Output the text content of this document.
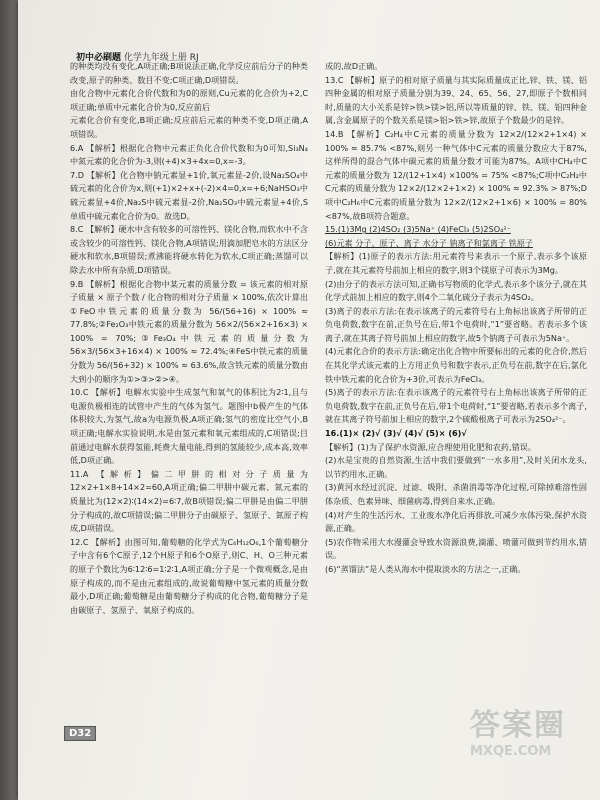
初中必刷题 化学九年级上册 RJ

的种类均没有变化,A项正确;B项说法正确,化学反应前后分子的种类改变,原子的种类、数目不变;C项正确,D项错误。

由化合物中元素化合价代数和为0的原则,Cu元素的化合价为+2,C项正确;单质中元素化合价为0,反应前后

元素化合价有变化,B项正确;反应前后元素的种类不变,D项正确,A项错误。

6.A 【解析】根据化合物中元素正负化合价代数和为0可知,Si₃N₄ 中氮元素的化合价为-3,则(+4)×3+4x=0,x=-3。

7.D 【解析】化合物中钠元素显+1价,氧元素显-2价,设Na₂SO₄中硫元素的化合价为x,则(+1)×2+x+(-2)×4=0,x=+6;NaHSO₃中硫元素显+4价,Na₂S中硫元素显-2价,Na₂SO₃中硫元素显+4价,S单质中硫元素化合价为0。故选D。

8.C 【解析】硬水中含有较多的可溶性钙、镁化合物,而软水中不含或含较少的可溶性钙、镁化合物,A项错误;用滴加肥皂水的方法区分硬水和软水,B项错误;煮沸能将硬水转化为软水,C项正确;蒸馏可以除去水中所有杂质,D项错误。

9.B 【解析】根据化合物中某元素的质量分数 = 该元素的相对原子质量 × 原子个数 / 化合物的相对分子质量 × 100%,依次计算出①FeO中铁元素的质量分数为 56/(56+16) × 100% ≈ 77.8%;②Fe₂O₃中铁元素的质量分数为 56×2/(56×2+16×3) × 100% = 70%;③Fe₃O₄中铁元素的质量分数为 56×3/(56×3+16×4) × 100% ≈ 72.4%;④FeS中铁元素的质量分数为 56/(56+32) × 100% ≈ 63.6%,故含铁元素的质量分数由大到小的顺序为①>③>②>④。

10.C 【解析】电解水实验中生成氢气和氧气的体积比为2∶1,且与电源负极相连的试管中产生的气体为氢气。题图中b极产生的气体体积较大,为氢气,故a为电源负极,A项正确;氢气的密度比空气小,B项正确;电解水实验说明,水是由氢元素和氧元素组成的,C项错误;目前通过电解水获得氢能,耗费大量电能,得到的氢能较少,成本高,效率低,D项正确。

11.A 【解析】偏二甲肼的相对分子质量为12×2+1×8+14×2=60,A项正确;偏二甲肼中碳元素、氮元素的质量比为(12×2)∶(14×2)=6∶7,故B项错误;偏二甲肼是由偏二甲肼分子构成的,故C项错误;偏二甲肼分子由碳原子、氢原子、氮原子构成,D项错误。

12.C 【解析】由图可知,葡萄糖的化学式为C₆H₁₂O₆,1个葡萄糖分子中含有6个C原子,12个H原子和6个O原子,则C、H、O三种元素的原子个数比为6∶12∶6=1∶2∶1,A项正确;分子是一个微观概念,是由原子构成的,而不是由元素组成的,故说葡萄糖中氢元素的质量分数最小,D项正确;葡萄糖是由葡萄糖分子构成的化合物,葡萄糖分子是由碳原子、氢原子、氧原子构成的。

成的,故D正确。

13.C 【解析】原子的相对原子质量与其实际质量成正比,锌、铁、镁、铝四种金属的相对原子质量分别为39、24、65、56、27,即原子个数相同时,质量的大小关系是锌>铁>镁>铝,所以等质量的锌、铁、镁、铝四种金属,含金属原子的个数关系是镁>铝>铁>锌,故原子个数最少的是锌。

14.B 【解析】C₂H₄中C元素的质量分数为 12×2/(12×2+1×4) × 100% ≈ 85.7% <87%,则另一种气体中C元素的质量分数应大于87%,这样所得的混合气体中碳元素的质量分数才可能为87%。A项中CH₄中C元素的质量分数为 12/(12+1×4) ×100% = 75% <87%;C项中C₂H₂中C元素的质量分数为 12×2/(12×2+1×2) × 100% ≈ 92.3% > 87%;D项中C₂H₆中C元素的质量分数为 12×2/(12×2+1×6) × 100% = 80% <87%,故B项符合题意。

15.(1)3Mg (2)4SO₂ (3)5Na⁺ (4)FeCl₃ (5)2SO₄²⁻

(6)元素 分子、原子、离子 水分子 钠离子和氯离子 铁原子

【解析】(1)原子的表示方法:用元素符号来表示一个原子,表示多个该原子,就在其元素符号前加上相应的数字,则3个镁原子可表示为3Mg。

(2)由分子的表示方法可知,正确书写物质的化学式,表示多个该分子,就在其化学式前加上相应的数字,则4个二氧化硫分子表示为4SO₂。

(3)离子的表示方法:在表示该离子的元素符号右上角标出该离子所带的正负电荷数,数字在前,正负号在后,带1个电荷时,“1”要省略。若表示多个该离子,就在其离子符号前加上相应的数字,故5个钠离子可表示为5Na⁺。

(4)元素化合价的表示方法:确定出化合物中所要标出的元素的化合价,然后在其化学式该元素的上方用正负号和数字表示,正负号在前,数字在后,氯化铁中铁元素的化合价为+3价,可表示为FeCl₃。

(5)离子的表示方法:在表示该离子的元素符号右上角标出该离子所带的正负电荷数,数字在前,正负号在后,带1个电荷时,“1”要省略,若表示多个离子,就在其离子符号前加上相应的数字,2个硫酸根离子可表示为2SO₄²⁻。

16.(1)× (2)√ (3)√ (4)√ (5)× (6)√

【解析】(1)为了保护水资源,应合理使用化肥和农药,错误。

(2)水是宝贵的自然资源,生活中我们要做到“一水多用”,及时关闭水龙头,以节约用水,正确。

(3)黄河水经过沉淀、过滤、吸附、杀菌消毒等净化过程,可除掉难溶性固体杂质、色素异味、细菌病毒,得到自来水,正确。

(4)对产生的生活污水、工业废水净化后再排放,可减少水体污染,保护水资源,正确。

(5)农作物采用大水漫灌会导致水资源浪费,滴灌、喷灌可做到节约用水,错误。

(6)“蒸馏法”是人类从海水中提取淡水的方法之一,正确。

D32	答案圈
MXQE.COM
